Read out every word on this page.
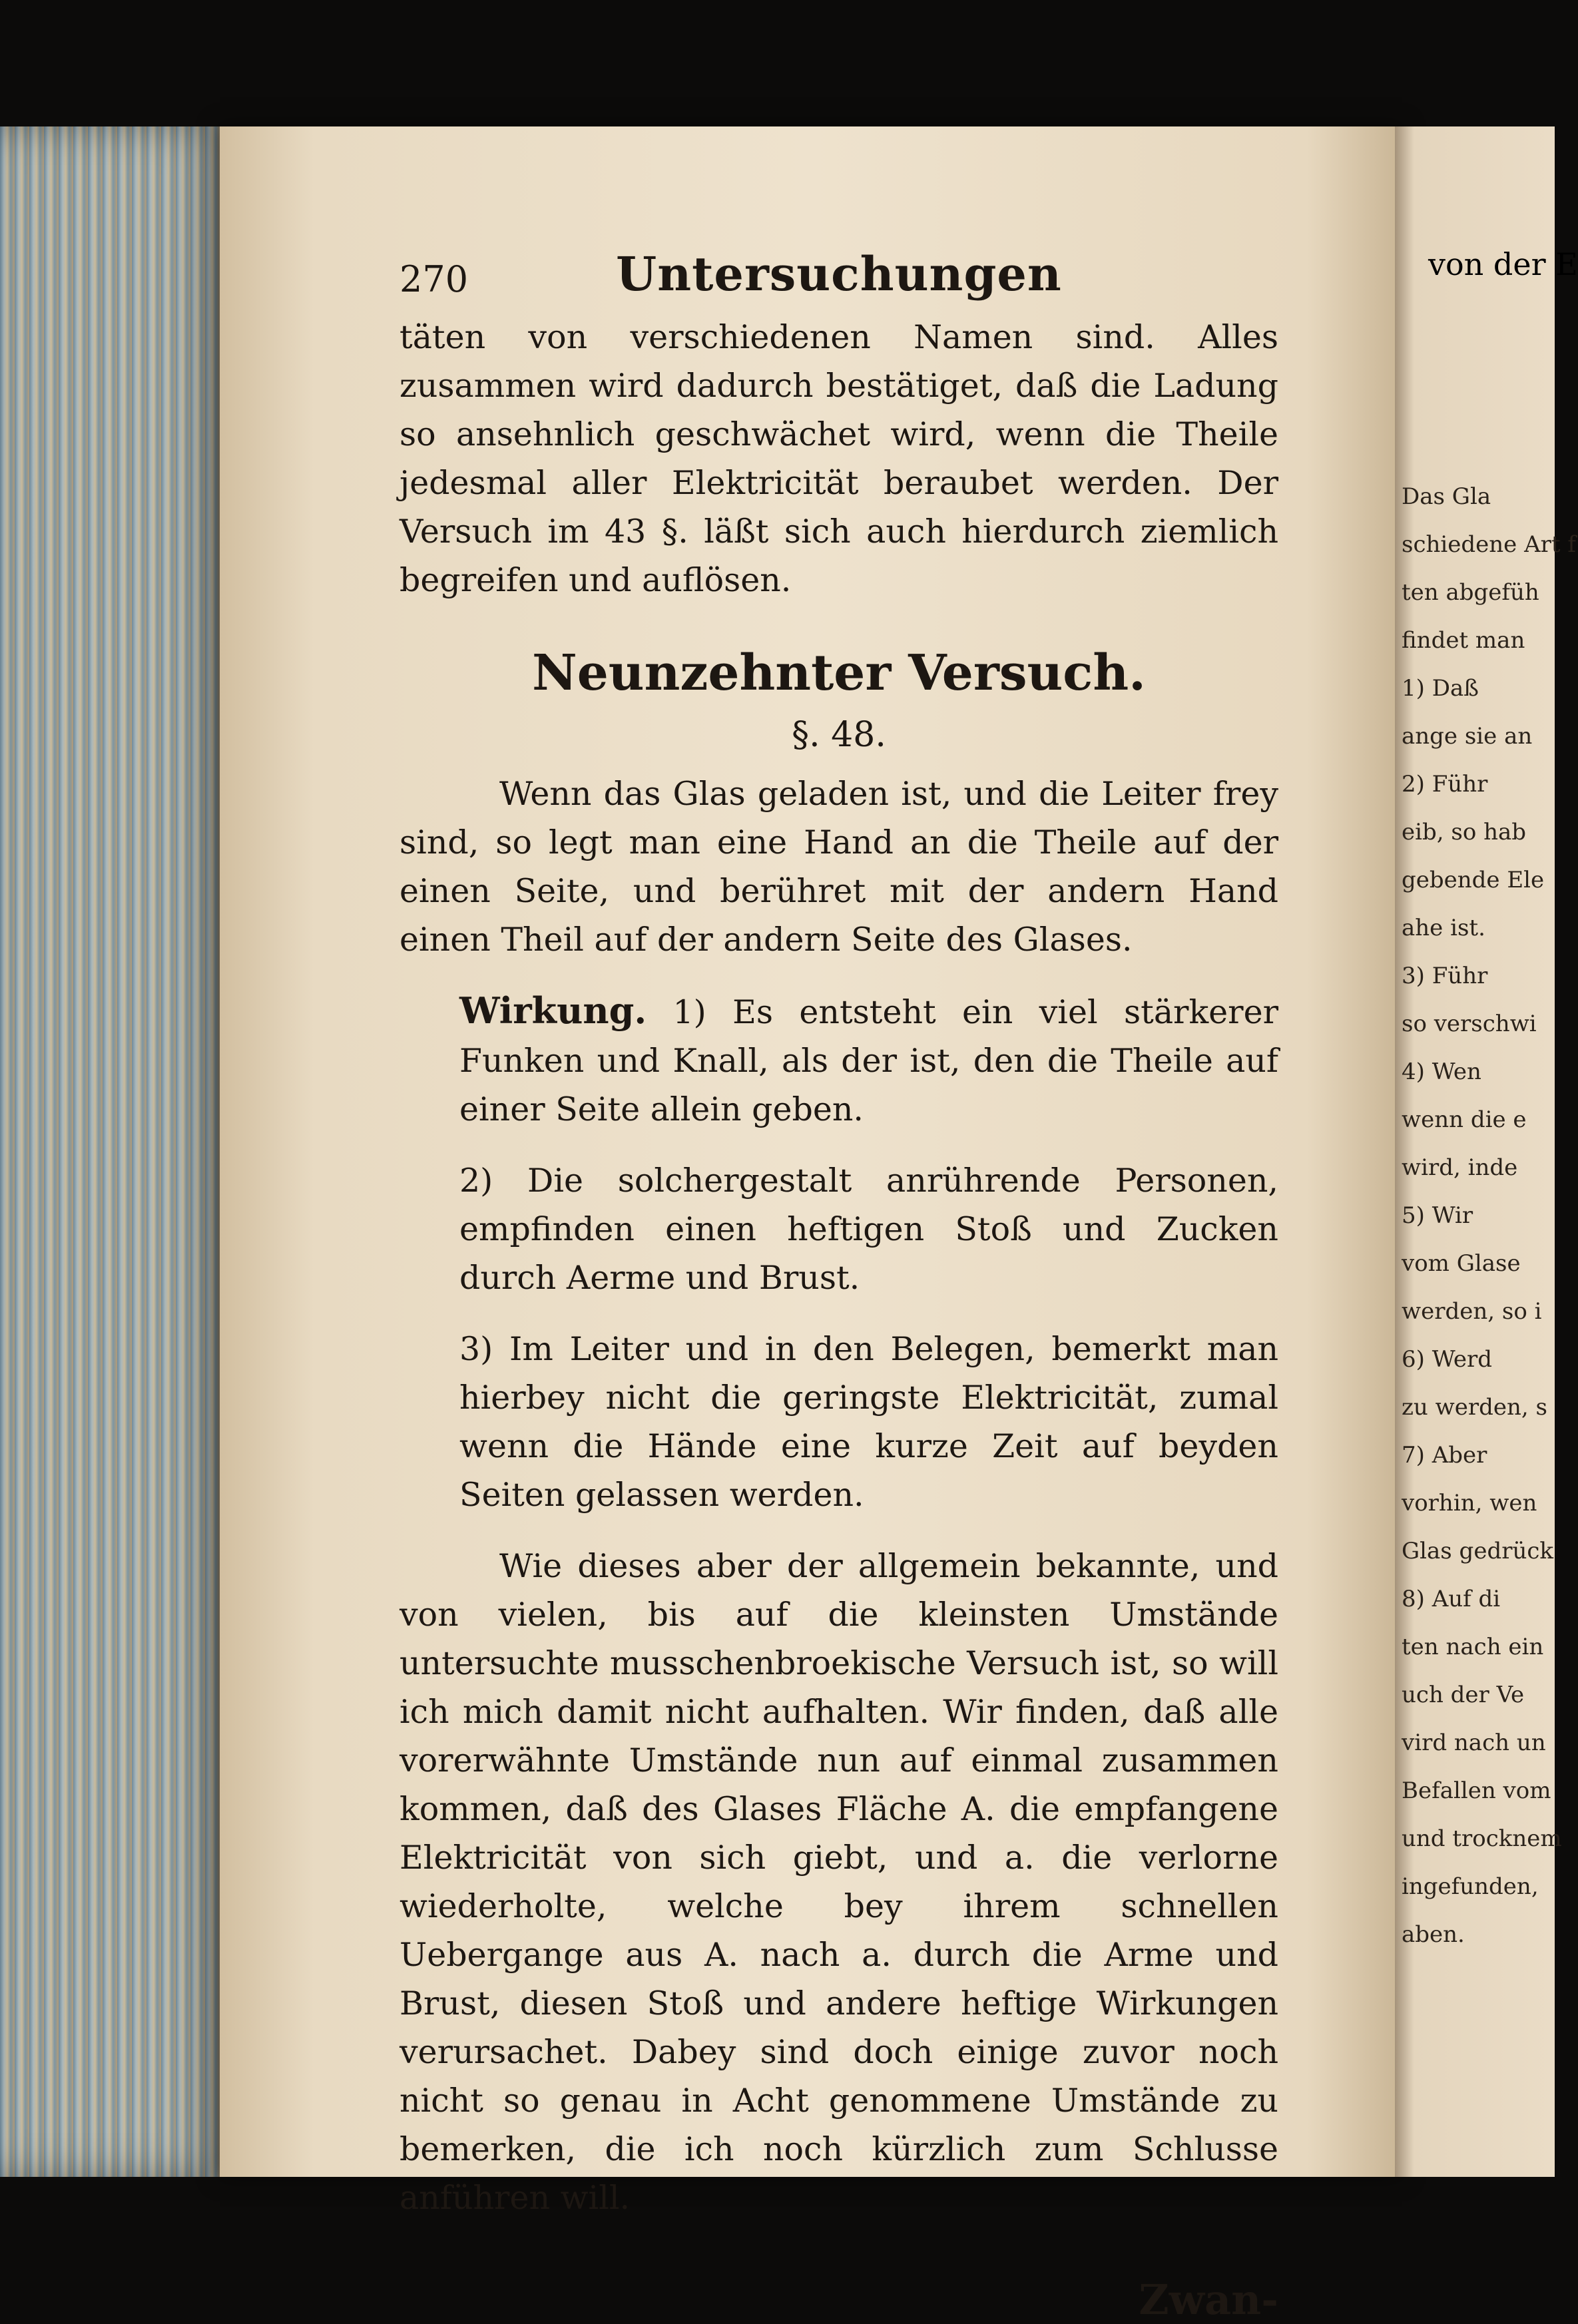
270	Untersuchungen

täten von verschiedenen Namen sind. Alles zusammen wird dadurch bestätiget, daß die Ladung so ansehnlich geschwächet wird, wenn die Theile jedesmal aller Elektricität beraubet werden. Der Versuch im 43 §. läßt sich auch hierdurch ziemlich begreifen und auflösen.

Neunzehnter Versuch.
§. 48.

Wenn das Glas geladen ist, und die Leiter frey sind, so legt man eine Hand an die Theile auf der einen Seite, und berühret mit der andern Hand einen Theil auf der andern Seite des Glases.

Wirkung. 1) Es entsteht ein viel stärkerer Funken und Knall, als der ist, den die Theile auf einer Seite allein geben.

2) Die solchergestalt anrührende Personen, empfinden einen heftigen Stoß und Zucken durch Aerme und Brust.

3) Im Leiter und in den Belegen, bemerkt man hierbey nicht die geringste Elektricität, zumal wenn die Hände eine kurze Zeit auf beyden Seiten gelassen werden.

Wie dieses aber der allgemein bekannte, und von vielen, bis auf die kleinsten Umstände untersuchte musschenbroekische Versuch ist, so will ich mich damit nicht aufhalten. Wir finden, daß alle vorerwähnte Umstände nun auf einmal zusammen kommen, daß des Glases Fläche A. die empfangene Elektricität von sich giebt, und a. die verlorne wiederholte, welche bey ihrem schnellen Uebergange aus A. nach a. durch die Arme und Brust, diesen Stoß und andere heftige Wirkungen verursachet. Dabey sind doch einige zuvor noch nicht so genau in Acht genommene Umstände zu bemerken, die ich noch kürzlich zum Schlusse anführen will.

Zwan-
von der E
Das Gla
schiedene Art f
ten abgefüh
findet man
1) Daß
ange sie an
2) Führ
eib, so hab
gebende Ele
ahe ist.
3) Führ
so verschwi
4) Wen
wenn die e
wird, inde
5) Wir
vom Glase
werden, so i
6) Werd
zu werden, s
7) Aber
vorhin, wen
Glas gedrück
8) Auf di
ten nach ein
uch der Ve
vird nach un
Befallen vom
und trocknem
ingefunden,
aben.
